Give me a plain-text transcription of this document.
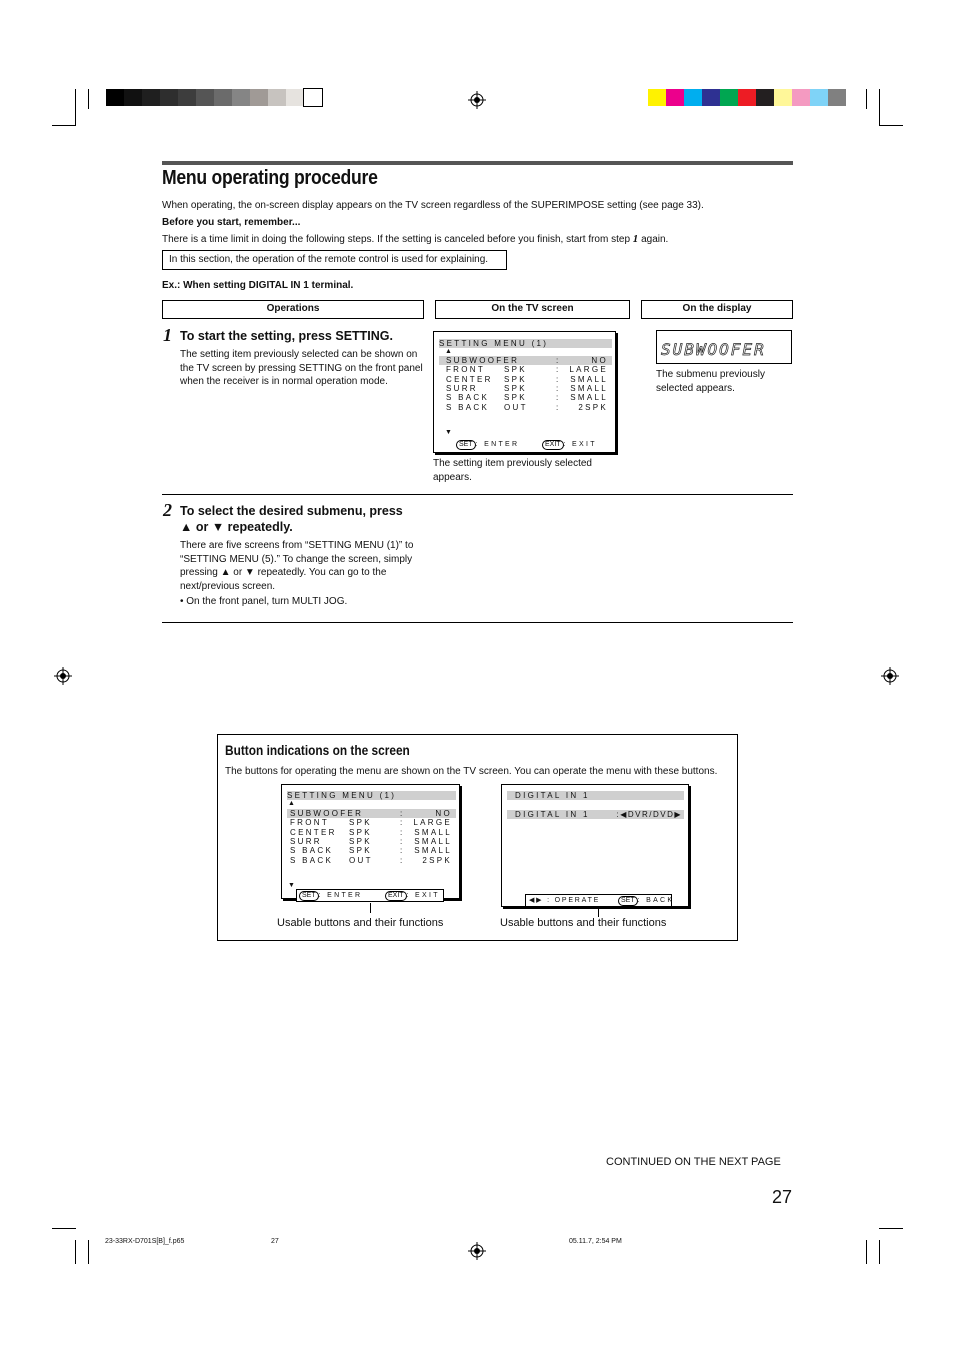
Menu operating procedure
When operating, the on-screen display appears on the TV screen regardless of the SUPERIMPOSE setting (see page 33).
Before you start, remember...
There is a time limit in doing the following steps. If the setting is canceled before you finish, start from step 1 again.
In this section, the operation of the remote control is used for explaining.
Ex.: When setting DIGITAL IN 1 terminal.
Operations	On the TV screen	On the display
1 To start the setting, press SETTING.
The setting item previously selected can be shown on the TV screen by pressing SETTING on the front panel when the receiver is in normal operation mode.
SETTING MENU (1)
▲
SUBWOOFER	:	NO
FRONT SPK	: LARGE
CENTER SPK	: SMALL
SURR	SPK	: SMALL
S BACK SPK	: SMALL
S BACK OUT	: 2SPK
▼
SET : ENTER	EXIT : EXIT
The setting item previously selected appears.
SUBWOOFER
The submenu previously selected appears.
2 To select the desired submenu, press
▲ or ▼ repeatedly.
There are five screens from “SETTING MENU (1)” to “SETTING MENU (5).” To change the screen, simply pressing ▲ or ▼ repeatedly. You can go to the next/previous screen.
• On the front panel, turn MULTI JOG.
Button indications on the screen
The buttons for operating the menu are shown on the TV screen. You can operate the menu with these buttons.
SETTING MENU (1)
▲
SUBWOOFER	:	NO
FRONT SPK	: LARGE
CENTER SPK	: SMALL
SURR	SPK	: SMALL
S BACK SPK	: SMALL
S BACK OUT	: 2SPK
▼
SET : ENTER	EXIT : EXIT
Usable buttons and their functions
DIGITAL IN 1
DIGITAL IN 1	:◀DVR/DVD▶
◀▶ : OPERATE	SET : BACK
Usable buttons and their functions
CONTINUED ON THE NEXT PAGE
27
23-33RX-D701S[B]_f.p65	27	05.11.7, 2:54 PM
